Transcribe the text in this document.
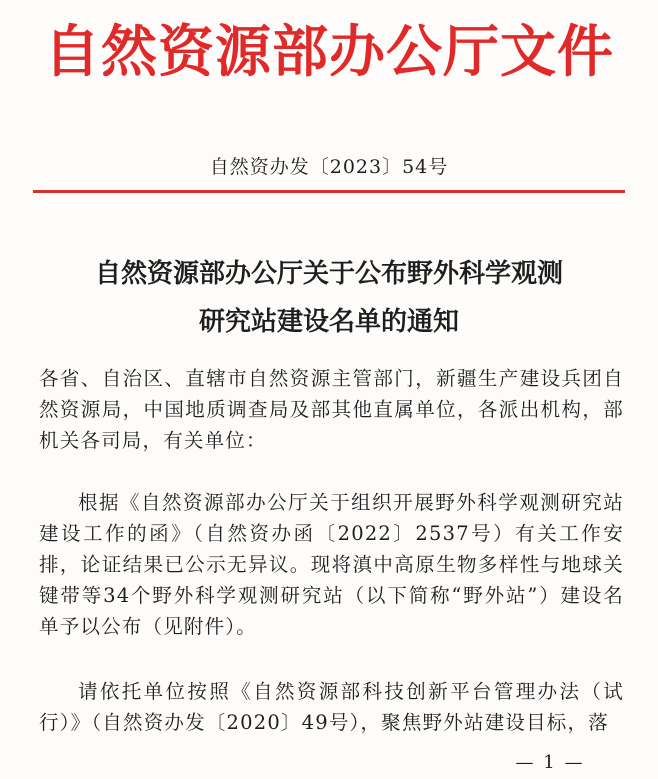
自然资源部办公厅文件
自然资办发〔2023〕54号
自然资源部办公厅关于公布野外科学观测
研究站建设名单的通知

各省、自治区、直辖市自然资源主管部门，新疆生产建设兵团自然资源局，中国地质调查局及部其他直属单位，各派出机构，部机关各司局，有关单位：

根据《自然资源部办公厅关于组织开展野外科学观测研究站建设工作的函》（自然资办函〔2022〕2537号）有关工作安排，论证结果已公示无异议。现将滇中高原生物多样性与地球关键带等34个野外科学观测研究站（以下简称“野外站”）建设名单予以公布（见附件）。

请依托单位按照《自然资源部科技创新平台管理办法（试行）》（自然资办发〔2020〕49号），聚焦野外站建设目标，落

— 1 —
